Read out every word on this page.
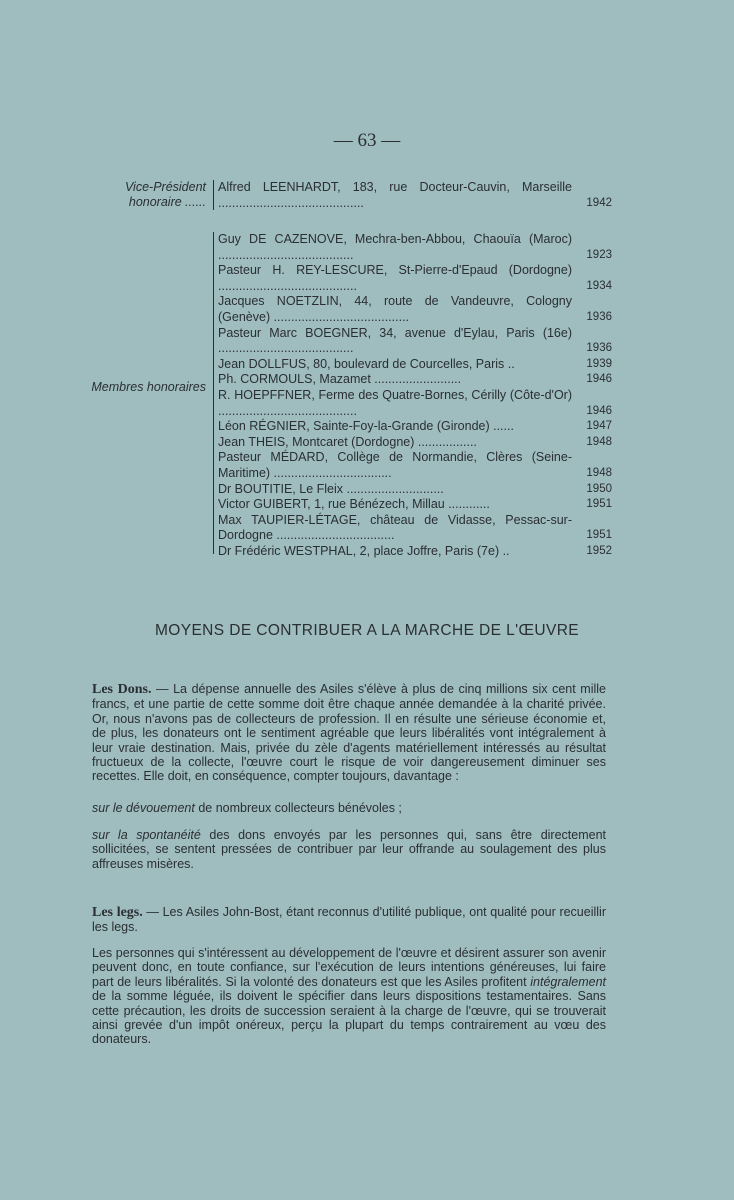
— 63 —
Vice-Président
honoraire ......
Alfred LEENHARDT, 183, rue Docteur-Cauvin, Marseille ..........................................	1942
Membres honoraires
Guy DE CAZENOVE, Mechra-ben-Abbou, Chaouïa (Maroc) .......................................	1923
Pasteur H. REY-LESCURE, St-Pierre-d'Epaud (Dordogne) ........................................	1934
Jacques NOETZLIN, 44, route de Vandeuvre, Cologny (Genève) .......................................	1936
Pasteur Marc BOEGNER, 34, avenue d'Eylau, Paris (16e) .......................................	1936
Jean DOLLFUS, 80, boulevard de Courcelles, Paris ..	1939
Ph. CORMOULS, Mazamet .........................	1946
R. HOEPFFNER, Ferme des Quatre-Bornes, Cérilly (Côte-d'Or) ........................................	1946
Léon RÉGNIER, Sainte-Foy-la-Grande (Gironde) ......	1947
Jean THEIS, Montcaret (Dordogne) .................	1948
Pasteur MÉDARD, Collège de Normandie, Clères (Seine-Maritime) ..................................	1948
Dr BOUTITIE, Le Fleix ............................	1950
Victor GUIBERT, 1, rue Bénézech, Millau ............	1951
Max TAUPIER-LÉTAGE, château de Vidasse, Pessac-sur-Dordogne ..................................	1951
Dr Frédéric WESTPHAL, 2, place Joffre, Paris (7e) ..	1952
MOYENS DE CONTRIBUER A LA MARCHE DE L'ŒUVRE

Les Dons. — La dépense annuelle des Asiles s'élève à plus de cinq millions six cent mille francs, et une partie de cette somme doit être chaque année demandée à la charité privée. Or, nous n'avons pas de collecteurs de profession. Il en résulte une sérieuse économie et, de plus, les donateurs ont le sentiment agréable que leurs libéralités vont intégralement à leur vraie destination. Mais, privée du zèle d'agents matériellement intéressés au résultat fructueux de la collecte, l'œuvre court le risque de voir dangereusement diminuer ses recettes. Elle doit, en conséquence, compter toujours, davantage :

sur le dévouement de nombreux collecteurs bénévoles ;

sur la spontanéité des dons envoyés par les personnes qui, sans être directement sollicitées, se sentent pressées de contribuer par leur offrande au soulagement des plus affreuses misères.

Les legs. — Les Asiles John-Bost, étant reconnus d'utilité publique, ont qualité pour recueillir les legs.

Les personnes qui s'intéressent au développement de l'œuvre et désirent assurer son avenir peuvent donc, en toute confiance, sur l'exécution de leurs intentions généreuses, lui faire part de leurs libéralités. Si la volonté des donateurs est que les Asiles profitent intégralement de la somme léguée, ils doivent le spécifier dans leurs dispositions testamentaires. Sans cette précaution, les droits de succession seraient à la charge de l'œuvre, qui se trouverait ainsi grevée d'un impôt onéreux, perçu la plupart du temps contrairement au vœu des donateurs.
